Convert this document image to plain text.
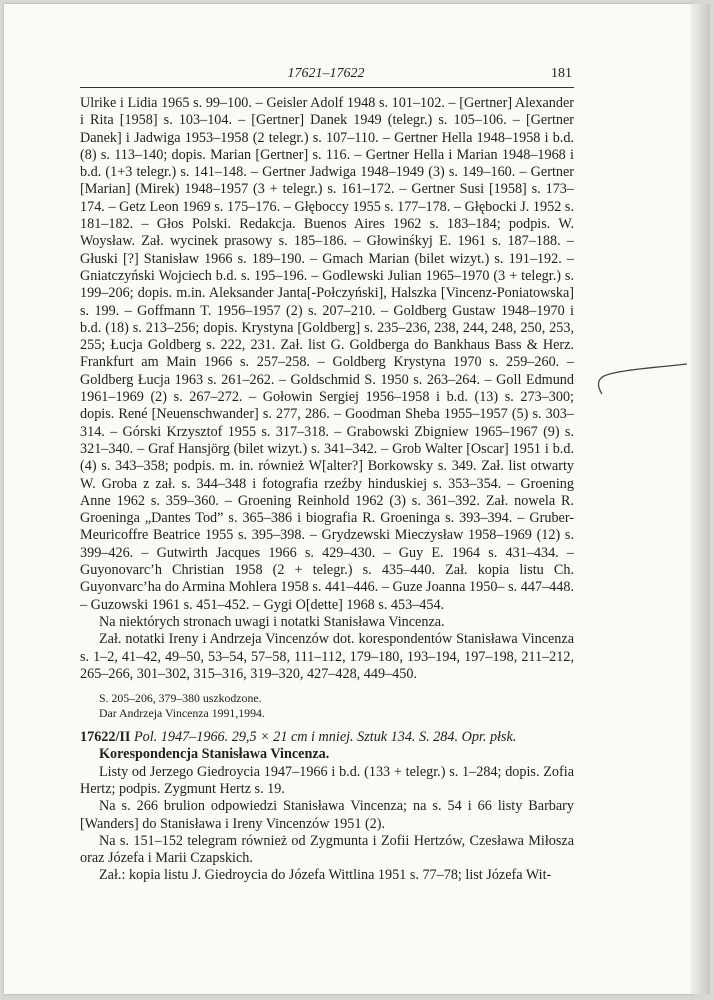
17621–17622	181

Ulrike i Lidia 1965 s. 99–100. – Geisler Adolf 1948 s. 101–102. – [Gertner] Alexander i Rita [1958] s. 103–104. – [Gertner] Danek 1949 (telegr.) s. 105–106. – [Gertner Danek] i Jadwiga 1953–1958 (2 telegr.) s. 107–110. – Gertner Hella 1948–1958 i b.d. (8) s. 113–140; dopis. Marian [Gertner] s. 116. – Gertner Hella i Marian 1948–1968 i b.d. (1+3 telegr.) s. 141–148. – Gertner Jadwiga 1948–1949 (3) s. 149–160. – Gertner [Marian] (Mirek) 1948–1957 (3 + telegr.) s. 161–172. – Gertner Susi [1958] s. 173–174. – Getz Leon 1969 s. 175–176. – Głęboccy 1955 s. 177–178. – Głębocki J. 1952 s. 181–182. – Głos Polski. Redakcja. Buenos Aires 1962 s. 183–184; podpis. W. Woysław. Zał. wycinek prasowy s. 185–186. – Głowinśkyj E. 1961 s. 187–188. – Głuski [?] Stanisław 1966 s. 189–190. – Gmach Marian (bilet wizyt.) s. 191–192. – Gniatczyński Wojciech b.d. s. 195–196. – Godlewski Julian 1965–1970 (3 + telegr.) s. 199–206; dopis. m.in. Aleksander Janta[-Połczyński], Halszka [Vincenz-Poniatowska] s. 199. – Goffmann T. 1956–1957 (2) s. 207–210. – Goldberg Gustaw 1948–1970 i b.d. (18) s. 213–256; dopis. Krystyna [Goldberg] s. 235–236, 238, 244, 248, 250, 253, 255; Łucja Goldberg s. 222, 231. Zał. list G. Goldberga do Bankhaus Bass & Herz. Frankfurt am Main 1966 s. 257–258. – Goldberg Krystyna 1970 s. 259–260. – Goldberg Łucja 1963 s. 261–262. – Goldschmid S. 1950 s. 263–264. – Goll Edmund 1961–1969 (2) s. 267–272. – Gołowin Sergiej 1956–1958 i b.d. (13) s. 273–300; dopis. René [Neuenschwander] s. 277, 286. – Goodman Sheba 1955–1957 (5) s. 303–314. – Górski Krzysztof 1955 s. 317–318. – Grabowski Zbigniew 1965–1967 (9) s. 321–340. – Graf Hansjörg (bilet wizyt.) s. 341–342. – Grob Walter [Oscar] 1951 i b.d. (4) s. 343–358; podpis. m. in. również W[alter?] Borkowsky s. 349. Zał. list otwarty W. Groba z zał. s. 344–348 i fotografia rzeźby hinduskiej s. 353–354. – Groening Anne 1962 s. 359–360. – Groening Reinhold 1962 (3) s. 361–392. Zał. nowela R. Groeninga „Dantes Tod” s. 365–386 i biografia R. Groeninga s. 393–394. – Gruber-Meuricoffre Beatrice 1955 s. 395–398. – Grydzewski Mieczysław 1958–1969 (12) s. 399–426. – Gutwirth Jacques 1966 s. 429–430. – Guy E. 1964 s. 431–434. – Guyonovarc’h Christian 1958 (2 + telegr.) s. 435–440. Zał. kopia listu Ch. Guyonvarc’ha do Armina Mohlera 1958 s. 441–446. – Guze Joanna 1950– s. 447–448. – Guzowski 1961 s. 451–452. – Gygi O[dette] 1968 s. 453–454.

Na niektórych stronach uwagi i notatki Stanisława Vincenza.

Zał. notatki Ireny i Andrzeja Vincenzów dot. korespondentów Stanisława Vincenza s. 1–2, 41–42, 49–50, 53–54, 57–58, 111–112, 179–180, 193–194, 197–198, 211–212, 265–266, 301–302, 315–316, 319–320, 427–428, 449–450.

S. 205–206, 379–380 uszkodzone.

Dar Andrzeja Vincenza 1991,1994.

17622/II Pol. 1947–1966. 29,5 × 21 cm i mniej. Sztuk 134. S. 284. Opr. płsk.

Korespondencja Stanisława Vincenza.

Listy od Jerzego Giedroycia 1947–1966 i b.d. (133 + telegr.) s. 1–284; dopis. Zofia Hertz; podpis. Zygmunt Hertz s. 19.

Na s. 266 brulion odpowiedzi Stanisława Vincenza; na s. 54 i 66 listy Barbary [Wanders] do Stanisława i Ireny Vincenzów 1951 (2).

Na s. 151–152 telegram również od Zygmunta i Zofii Hertzów, Czesława Miłosza oraz Józefa i Marii Czapskich.

Zał.: kopia listu J. Giedroycia do Józefa Wittlina 1951 s. 77–78; list Józefa Wit-
